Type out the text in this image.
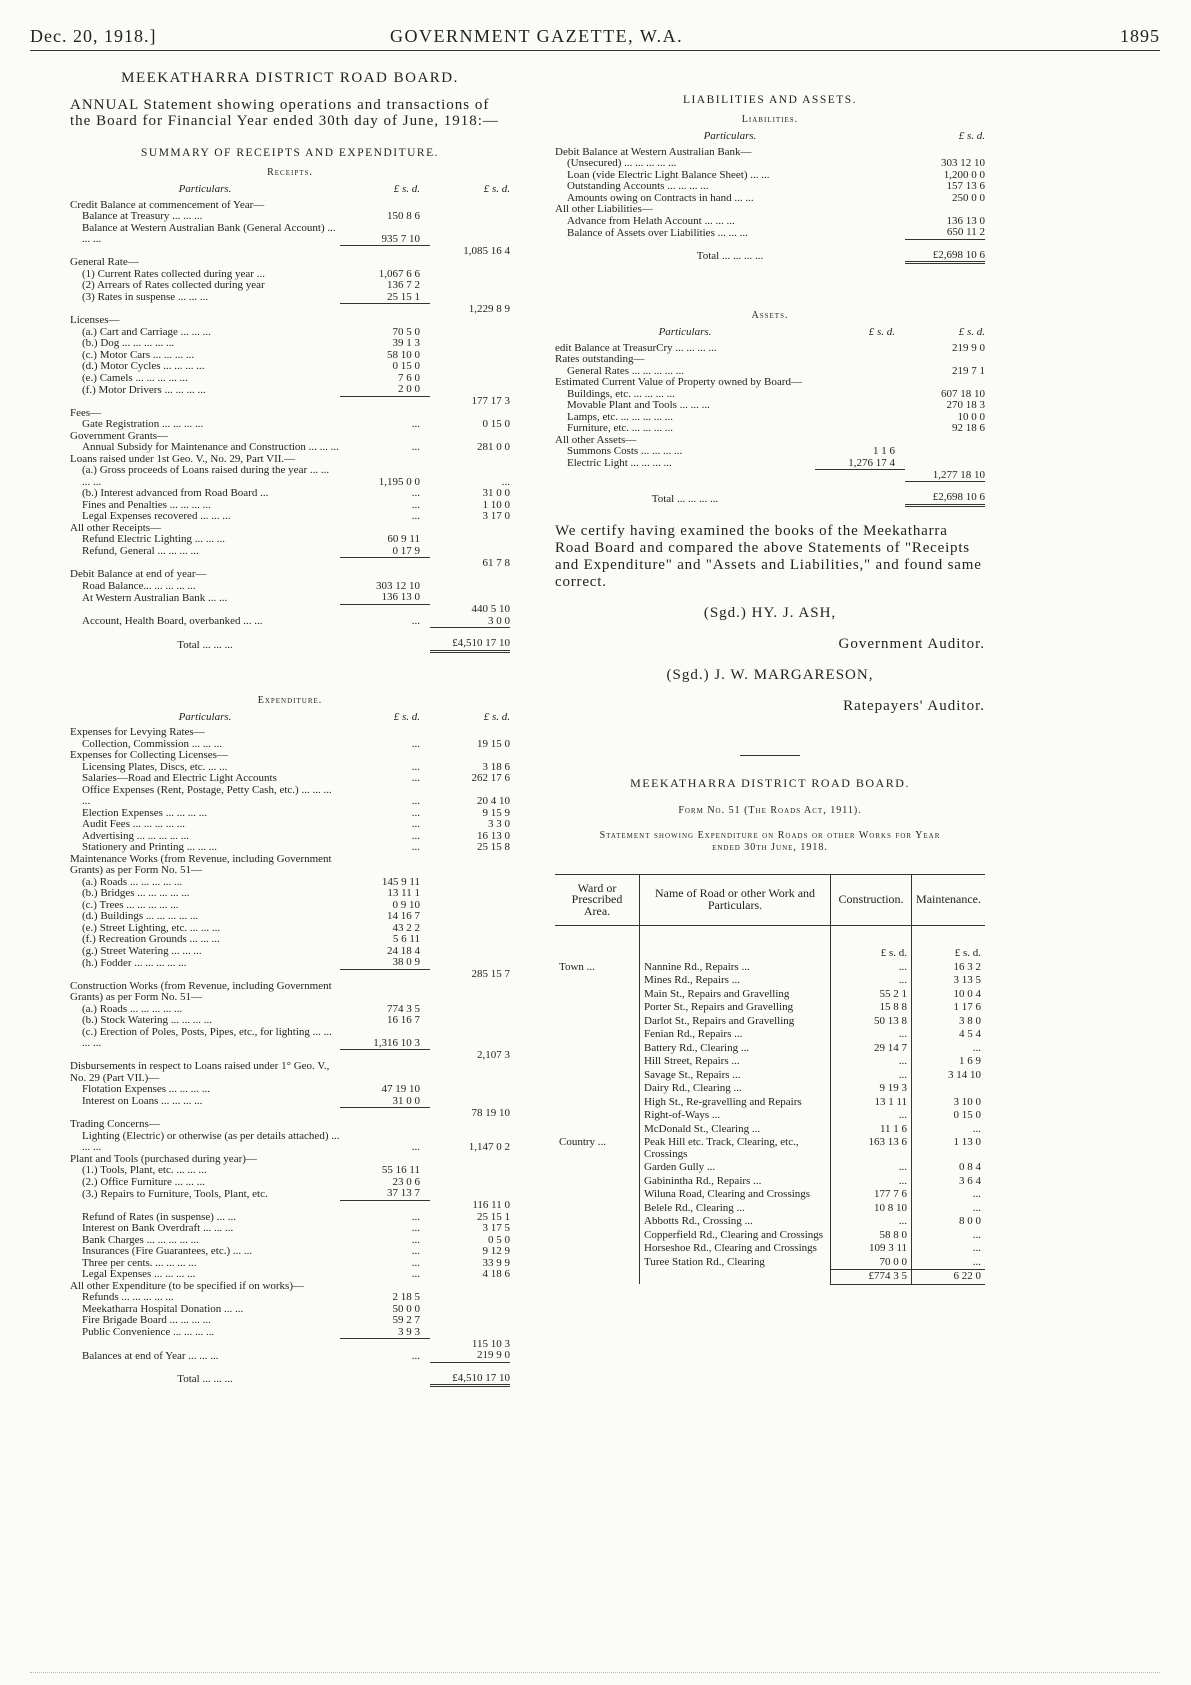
Dec. 20, 1918.]	GOVERNMENT GAZETTE, W.A.	1895
MEEKATHARRA DISTRICT ROAD BOARD.
ANNUAL Statement showing operations and transactions of the Board for Financial Year ended 30th day of June, 1918:—
SUMMARY OF RECEIPTS AND EXPENDITURE.
Receipts.
Particulars.	£ s. d.	£ s. d.
Credit Balance at commencement of Year—		
Balance at Treasury ... ... ...	150 8 6	
Balance at Western Australian Bank (General Account) ... ... ...	935 7 10	
		1,085 16 4
General Rate—		
(1) Current Rates collected during year ...	1,067 6 6	
(2) Arrears of Rates collected during year	136 7 2	
(3) Rates in suspense ... ... ...	25 15 1	
		1,229 8 9
Licenses—		
(a.) Cart and Carriage ... ... ...	70 5 0	
(b.) Dog ... ... ... ... ...	39 1 3	
(c.) Motor Cars ... ... ... ...	58 10 0	
(d.) Motor Cycles ... ... ... ...	0 15 0	
(e.) Camels ... ... ... ... ...	7 6 0	
(f.) Motor Drivers ... ... ... ...	2 0 0	
		177 17 3
Fees—		
Gate Registration ... ... ... ...	...	0 15 0
Government Grants—		
Annual Subsidy for Maintenance and Construction ... ... ...	...	281 0 0
Loans raised under 1st Geo. V., No. 29, Part VII.—		
(a.) Gross proceeds of Loans raised during the year ... ... ... ...	1,195 0 0	...
(b.) Interest advanced from Road Board ...	...	31 0 0
Fines and Penalties ... ... ... ...	...	1 10 0
Legal Expenses recovered ... ... ...	...	3 17 0
All other Receipts—		
Refund Electric Lighting ... ... ...	60 9 11	
Refund, General ... ... ... ...	0 17 9	
		61 7 8
Debit Balance at end of year—		
Road Balance... ... ... ... ...	303 12 10	
At Western Australian Bank ... ...	136 13 0	
		440 5 10
Account, Health Board, overbanked ... ...	...	3 0 0
Total ... ... ...		£4,510 17 10
Expenditure.
Particulars.	£ s. d.	£ s. d.
Expenses for Levying Rates—		
Collection, Commission ... ... ...	...	19 15 0
Expenses for Collecting Licenses—		
Licensing Plates, Discs, etc. ... ...	...	3 18 6
Salaries—Road and Electric Light Accounts	...	262 17 6
Office Expenses (Rent, Postage, Petty Cash, etc.) ... ... ... ...	...	20 4 10
Election Expenses ... ... ... ...	...	9 15 9
Audit Fees ... ... ... ... ...	...	3 3 0
Advertising ... ... ... ... ...	...	16 13 0
Stationery and Printing ... ... ...	...	25 15 8
Maintenance Works (from Revenue, including Government Grants) as per Form No. 51—		
(a.) Roads ... ... ... ... ...	145 9 11	
(b.) Bridges ... ... ... ... ...	13 11 1	
(c.) Trees ... ... ... ... ...	0 9 10	
(d.) Buildings ... ... ... ... ...	14 16 7	
(e.) Street Lighting, etc. ... ... ...	43 2 2	
(f.) Recreation Grounds ... ... ...	5 6 11	
(g.) Street Watering ... ... ...	24 18 4	
(h.) Fodder ... ... ... ... ...	38 0 9	
		285 15 7
Construction Works (from Revenue, including Government Grants) as per Form No. 51—		
(a.) Roads ... ... ... ... ...	774 3 5	
(b.) Stock Watering ... ... ... ...	16 16 7	
(c.) Erection of Poles, Posts, Pipes, etc., for lighting ... ... ... ...	1,316 10 3	
		2,107 3
Disbursements in respect to Loans raised under 1° Geo. V., No. 29 (Part VII.)—		
Flotation Expenses ... ... ... ...	47 19 10	
Interest on Loans ... ... ... ...	31 0 0	
		78 19 10
Trading Concerns—		
Lighting (Electric) or otherwise (as per details attached) ... ... ...	...	1,147 0 2
Plant and Tools (purchased during year)—		
(1.) Tools, Plant, etc. ... ... ...	55 16 11	
(2.) Office Furniture ... ... ...	23 0 6	
(3.) Repairs to Furniture, Tools, Plant, etc.	37 13 7	
		116 11 0
Refund of Rates (in suspense) ... ...	...	25 15 1
Interest on Bank Overdraft ... ... ...	...	3 17 5
Bank Charges ... ... ... ... ...	...	0 5 0
Insurances (Fire Guarantees, etc.) ... ...	...	9 12 9
Three per cents. ... ... ... ...	...	33 9 9
Legal Expenses ... ... ... ...	...	4 18 6
All other Expenditure (to be specified if on works)—		
Refunds ... ... ... ... ...	2 18 5	
Meekatharra Hospital Donation ... ...	50 0 0	
Fire Brigade Board ... ... ... ...	59 2 7	
Public Convenience ... ... ... ...	3 9 3	
		115 10 3
Balances at end of Year ... ... ...	...	219 9 0
Total ... ... ...		£4,510 17 10
LIABILITIES AND ASSETS.
Liabilities.
Particulars.	£ s. d.
Debit Balance at Western Australian Bank—	
(Unsecured) ... ... ... ... ...	303 12 10
Loan (vide Electric Light Balance Sheet) ... ...	1,200 0 0
Outstanding Accounts ... ... ... ...	157 13 6
Amounts owing on Contracts in hand ... ...	250 0 0
All other Liabilities—	
Advance from Helath Account ... ... ...	136 13 0
Balance of Assets over Liabilities ... ... ...	650 11 2
Total ... ... ... ...	£2,698 10 6
Assets.
Particulars.	£ s. d.	£ s. d.
edit Balance at TreasurCry ... ... ... ...		219 9 0
Rates outstanding—		
General Rates ... ... ... ... ...		219 7 1
Estimated Current Value of Property owned by Board—		
Buildings, etc. ... ... ... ...		607 18 10
Movable Plant and Tools ... ... ...		270 18 3
Lamps, etc. ... ... ... ... ...		10 0 0
Furniture, etc. ... ... ... ...		92 18 6
All other Assets—		
Summons Costs ... ... ... ...	1 1 6	
Electric Light ... ... ... ...	1,276 17 4	
		1,277 18 10
Total ... ... ... ...		£2,698 10 6
We certify having examined the books of the Meekatharra Road Board and compared the above Statements of "Receipts and Expenditure" and "Assets and Liabilities," and found same correct.
(Sgd.) HY. J. ASH,
Government Auditor.
(Sgd.) J. W. MARGARESON,
Ratepayers' Auditor.
MEEKATHARRA DISTRICT ROAD BOARD.
Form No. 51 (The Roads Act, 1911).
Statement showing Expenditure on Roads or other Works for Year ended 30th June, 1918.
Ward or Prescribed Area.	Name of Road or other Work and Particulars.	Construction.	Maintenance.
		£ s. d.	£ s. d.
Town ...	Nannine Rd., Repairs ...	...	16 3 2
	Mines Rd., Repairs ...	...	3 13 5
	Main St., Repairs and Gravelling	55 2 1	10 0 4
	Porter St., Repairs and Gravelling	15 8 8	1 17 6
	Darlot St., Repairs and Gravelling	50 13 8	3 8 0
	Fenian Rd., Repairs ...	...	4 5 4
	Battery Rd., Clearing ...	29 14 7	...
	Hill Street, Repairs ...	...	1 6 9
	Savage St., Repairs ...	...	3 14 10
	Dairy Rd., Clearing ...	9 19 3	
	High St., Re-gravelling and Repairs	13 1 11	3 10 0
	Right-of-Ways ...	...	0 15 0
	McDonald St., Clearing ...	11 1 6	...
Country ...	Peak Hill etc. Track, Clearing, etc., Crossings	163 13 6	1 13 0
	Garden Gully ...	...	0 8 4
	Gabinintha Rd., Repairs ...	...	3 6 4
	Wiluna Road, Clearing and Crossings	177 7 6	...
	Belele Rd., Clearing ...	10 8 10	...
	Abbotts Rd., Crossing ...	...	8 0 0
	Copperfield Rd., Clearing and Crossings	58 8 0	...
	Horseshoe Rd., Clearing and Crossings	109 3 11	...
	Turee Station Rd., Clearing	70 0 0	...
		£774 3 5	6 22 0
